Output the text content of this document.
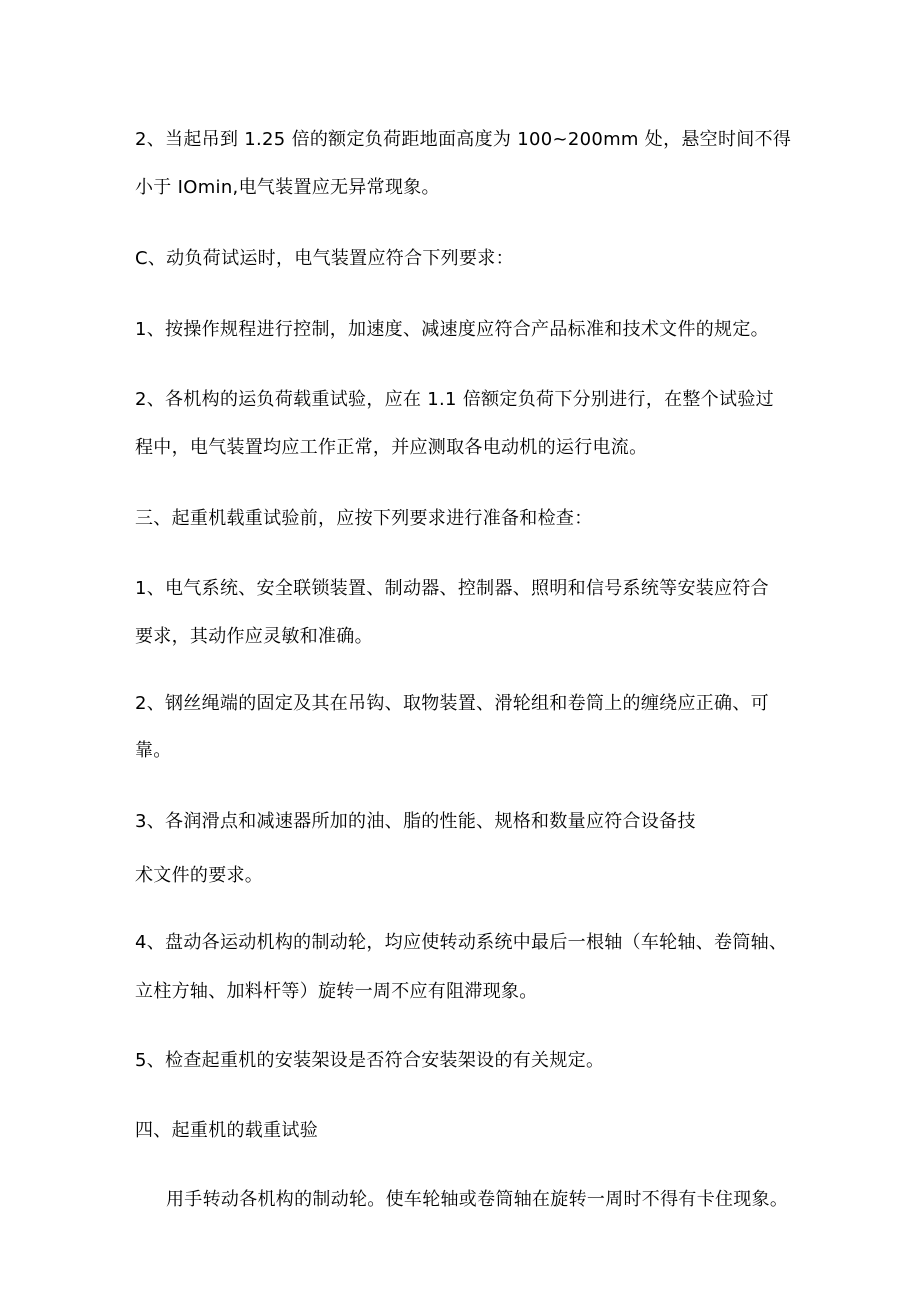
2、当起吊到 1.25 倍的额定负荷距地面高度为 100~200mm 处，悬空时间不得
小于 IOmin,电气装置应无异常现象。
C、动负荷试运时，电气装置应符合下列要求：
1、按操作规程进行控制，加速度、减速度应符合产品标准和技术文件的规定。
2、各机构的运负荷载重试验，应在 1.1 倍额定负荷下分别进行，在整个试验过
程中，电气装置均应工作正常，并应测取各电动机的运行电流。
三、起重机载重试验前，应按下列要求进行准备和检查：
1、电气系统、安全联锁装置、制动器、控制器、照明和信号系统等安装应符合
要求，其动作应灵敏和准确。
2、钢丝绳端的固定及其在吊钩、取物装置、滑轮组和卷筒上的缠绕应正确、可
靠。
3、各润滑点和减速器所加的油、脂的性能、规格和数量应符合设备技
术文件的要求。
4、盘动各运动机构的制动轮，均应使转动系统中最后一根轴（车轮轴、卷筒轴、
立柱方轴、加料杆等）旋转一周不应有阻滞现象。
5、检查起重机的安装架设是否符合安装架设的有关规定。
四、起重机的载重试验
用手转动各机构的制动轮。使车轮轴或卷筒轴在旋转一周时不得有卡住现象。
